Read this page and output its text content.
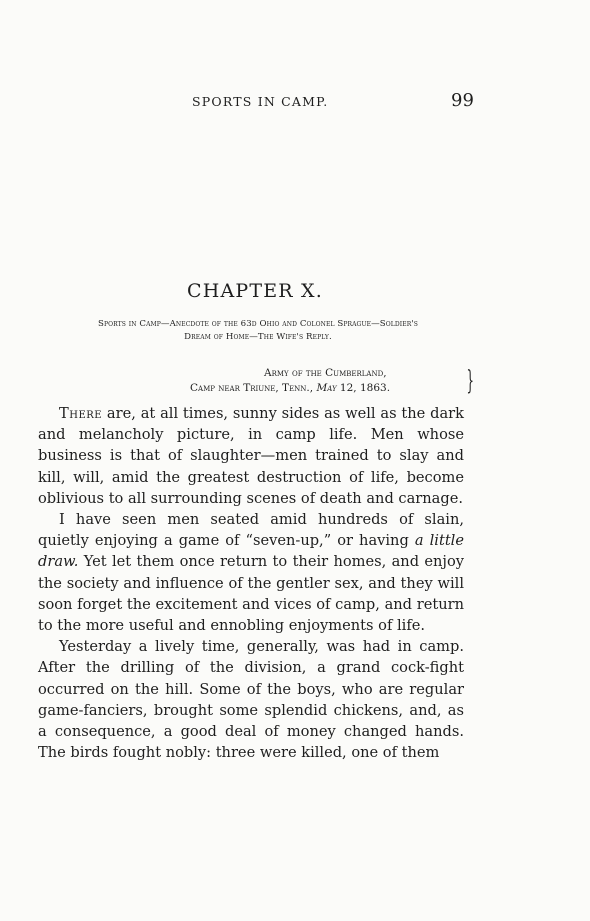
SPORTS IN CAMP.	99
CHAPTER X.
Sports in Camp—Anecdote of the 63d Ohio and Colonel Sprague—Soldier's
Dream of Home—The Wife's Reply.
Army of the Cumberland,
Camp near Triune, Tenn., May 12, 1863.	}

There are, at all times, sunny sides as well as the dark and melancholy picture, in camp life. Men whose business is that of slaughter—men trained to slay and kill, will, amid the greatest destruction of life, become oblivious to all surrounding scenes of death and carnage.

I have seen men seated amid hundreds of slain, quietly enjoying a game of “seven-up,” or having a little draw. Yet let them once return to their homes, and enjoy the society and influence of the gentler sex, and they will soon forget the excitement and vices of camp, and return to the more useful and ennobling enjoyments of life.

Yesterday a lively time, generally, was had in camp. After the drilling of the division, a grand cock-fight occurred on the hill. Some of the boys, who are regular game-fanciers, brought some splendid chickens, and, as a consequence, a good deal of money changed hands. The birds fought nobly: three were killed, one of them
